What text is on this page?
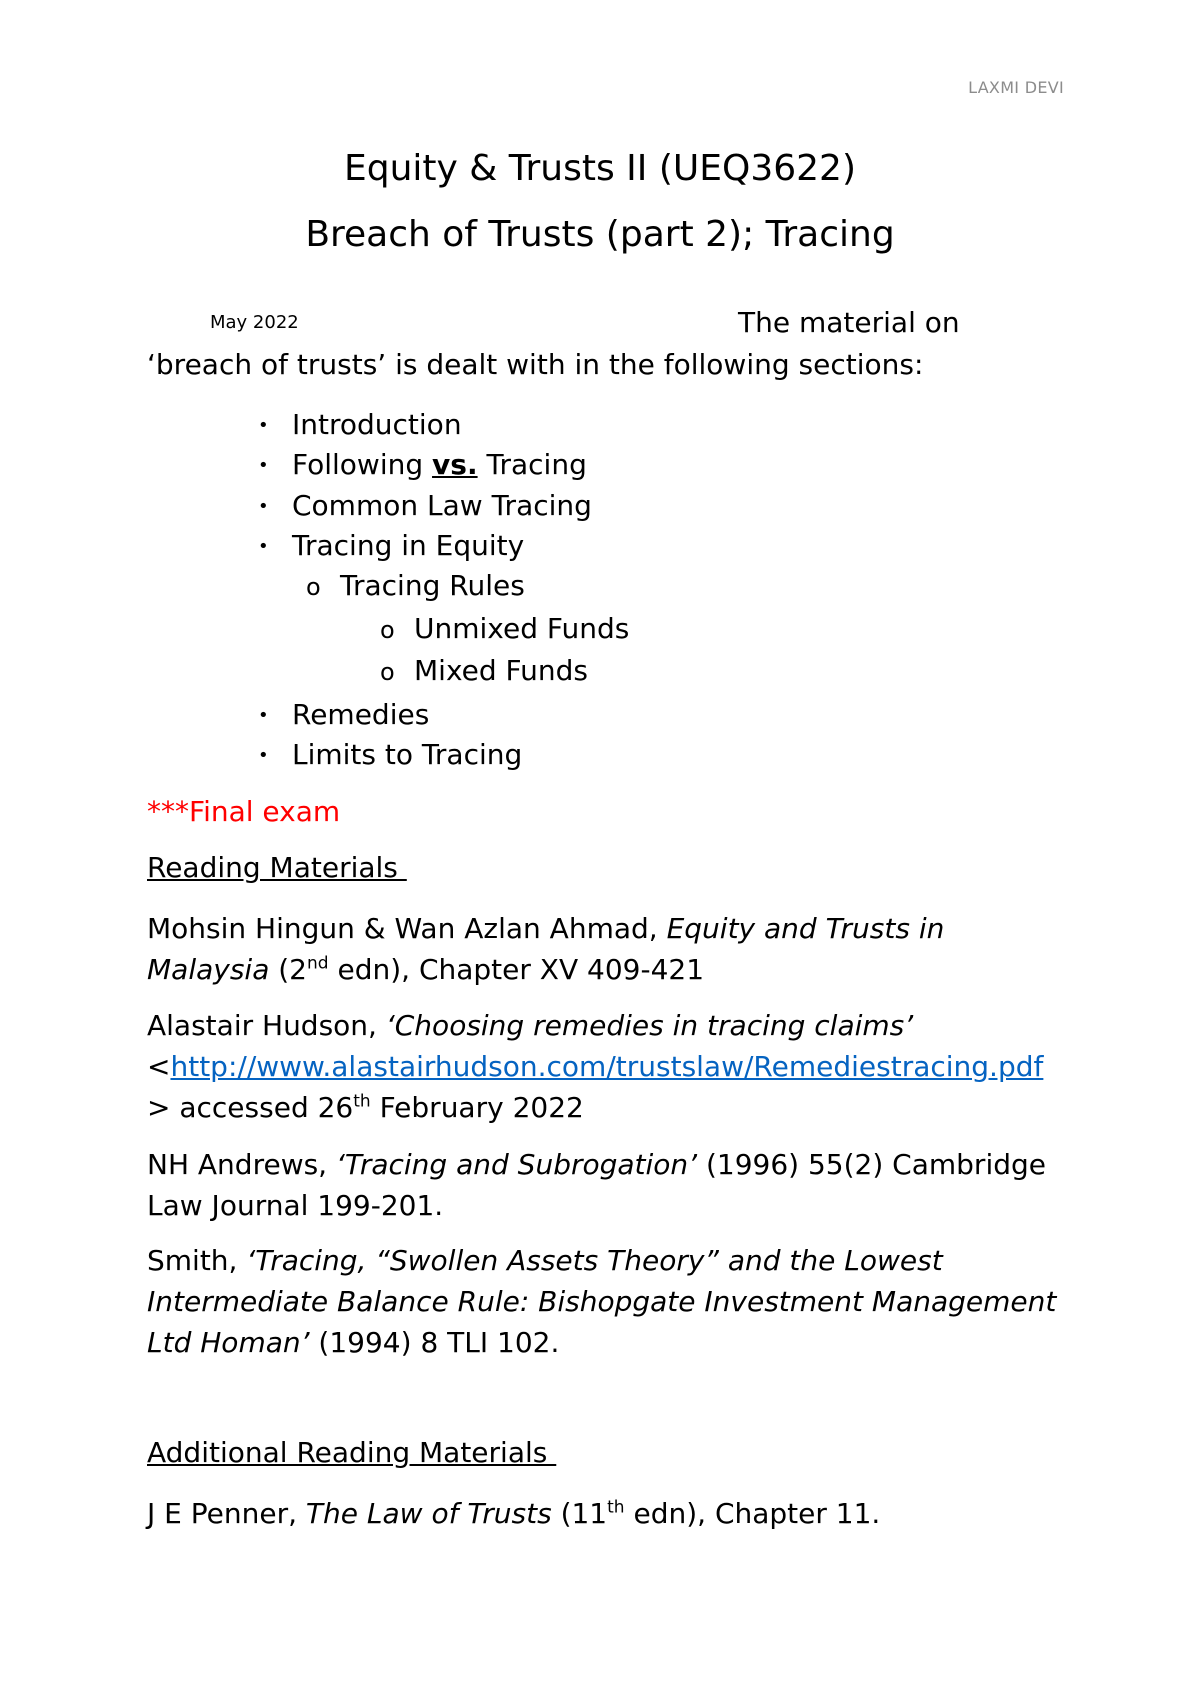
LAXMI DEVI
Equity & Trusts II (UEQ3622)
Breach of Trusts (part 2); Tracing
May 2022	The material on
‘breach of trusts’ is dealt with in the following sections:
• Introduction
• Following vs. Tracing
• Common Law Tracing
• Tracing in Equity
o Tracing Rules
o Unmixed Funds
o Mixed Funds
• Remedies
• Limits to Tracing
***Final exam
Reading Materials
Mohsin Hingun & Wan Azlan Ahmad, Equity and Trusts in Malaysia (2nd edn), Chapter XV 409-421
Alastair Hudson, ‘Choosing remedies in tracing claims’
<http://www.alastairhudson.com/trustslaw/Remediestracing.pdf > accessed 26th February 2022
NH Andrews, ‘Tracing and Subrogation’ (1996) 55(2) Cambridge Law Journal 199-201.
Smith, ‘Tracing, “Swollen Assets Theory” and the Lowest Intermediate Balance Rule: Bishopgate Investment Management Ltd Homan’ (1994) 8 TLI 102.
Additional Reading Materials
J E Penner, The Law of Trusts (11th edn), Chapter 11.
